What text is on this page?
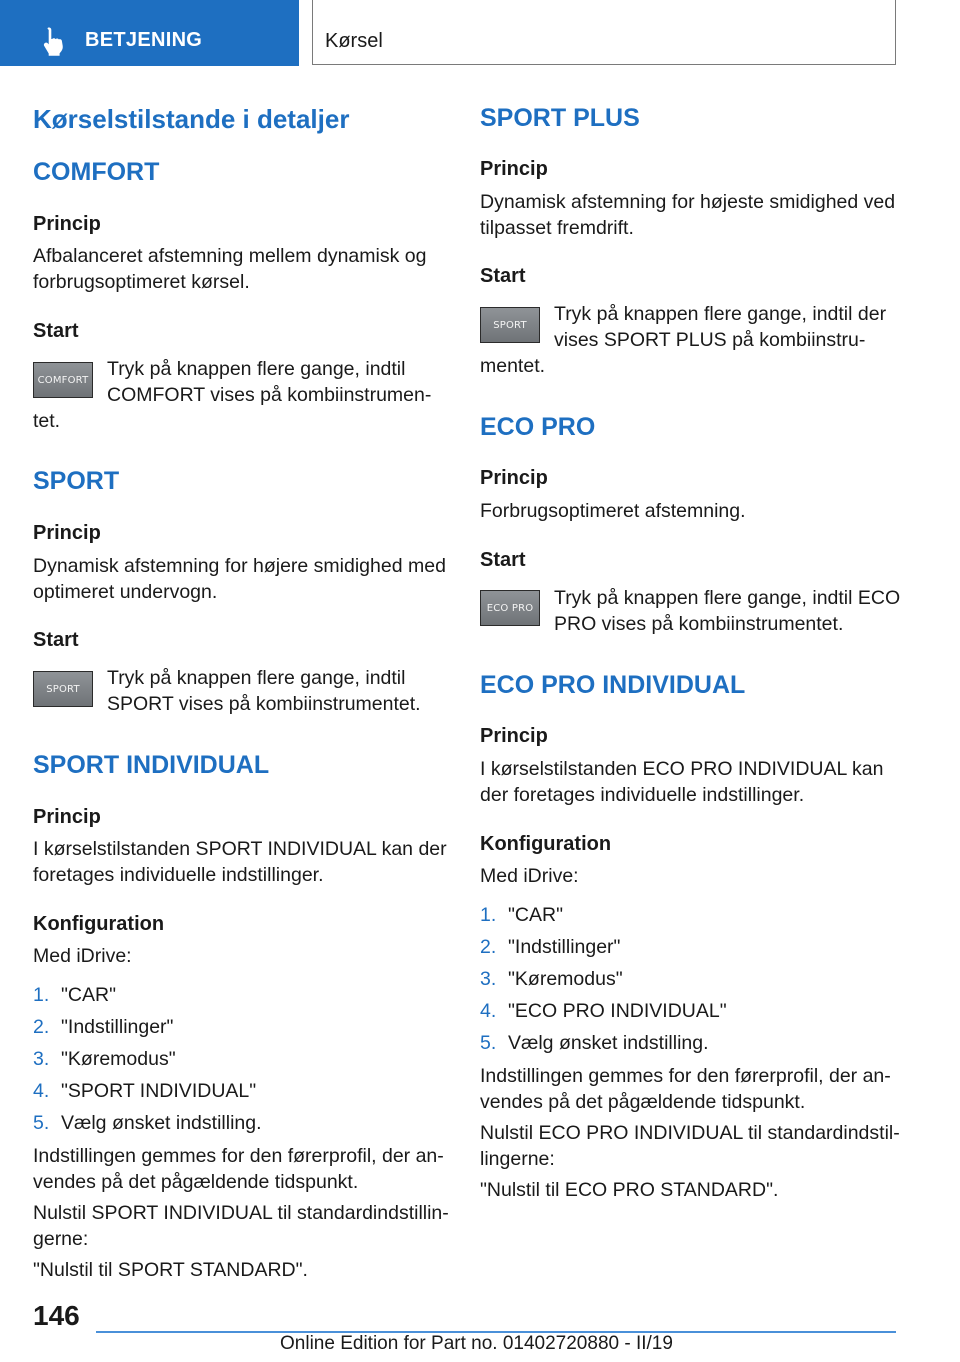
BETJENING	Kørsel
Kørselstilstande i detaljer
COMFORT
Princip
Afbalanceret afstemning mellem dynamisk og
forbrugsoptimeret kørsel.
Start
COMFORT Tryk på knappen flere gange, indtil
COMFORT vises på kombiinstrumen-
tet.
SPORT
Princip
Dynamisk afstemning for højere smidighed med
optimeret undervogn.
Start
SPORT Tryk på knappen flere gange, indtil
SPORT vises på kombiinstrumentet.
SPORT INDIVIDUAL
Princip
I kørselstilstanden SPORT INDIVIDUAL kan der
foretages individuelle indstillinger.
Konfiguration
Med iDrive:
1. "CAR"
2. "Indstillinger"
3. "Køremodus"
4. "SPORT INDIVIDUAL"
5. Vælg ønsket indstilling.
Indstillingen gemmes for den førerprofil, der an-
vendes på det pågældende tidspunkt.
Nulstil SPORT INDIVIDUAL til standardindstillin-
gerne:
"Nulstil til SPORT STANDARD".
SPORT PLUS
Princip
Dynamisk afstemning for højeste smidighed ved
tilpasset fremdrift.
Start
SPORT Tryk på knappen flere gange, indtil der
vises SPORT PLUS på kombiinstru-
mentet.
ECO PRO
Princip
Forbrugsoptimeret afstemning.
Start
ECO PRO Tryk på knappen flere gange, indtil ECO
PRO vises på kombiinstrumentet.
ECO PRO INDIVIDUAL
Princip
I kørselstilstanden ECO PRO INDIVIDUAL kan
der foretages individuelle indstillinger.
Konfiguration
Med iDrive:
1. "CAR"
2. "Indstillinger"
3. "Køremodus"
4. "ECO PRO INDIVIDUAL"
5. Vælg ønsket indstilling.
Indstillingen gemmes for den førerprofil, der an-
vendes på det pågældende tidspunkt.
Nulstil ECO PRO INDIVIDUAL til standardindstil-
lingerne:
"Nulstil til ECO PRO STANDARD".
146
Online Edition for Part no. 01402720880 - II/19
